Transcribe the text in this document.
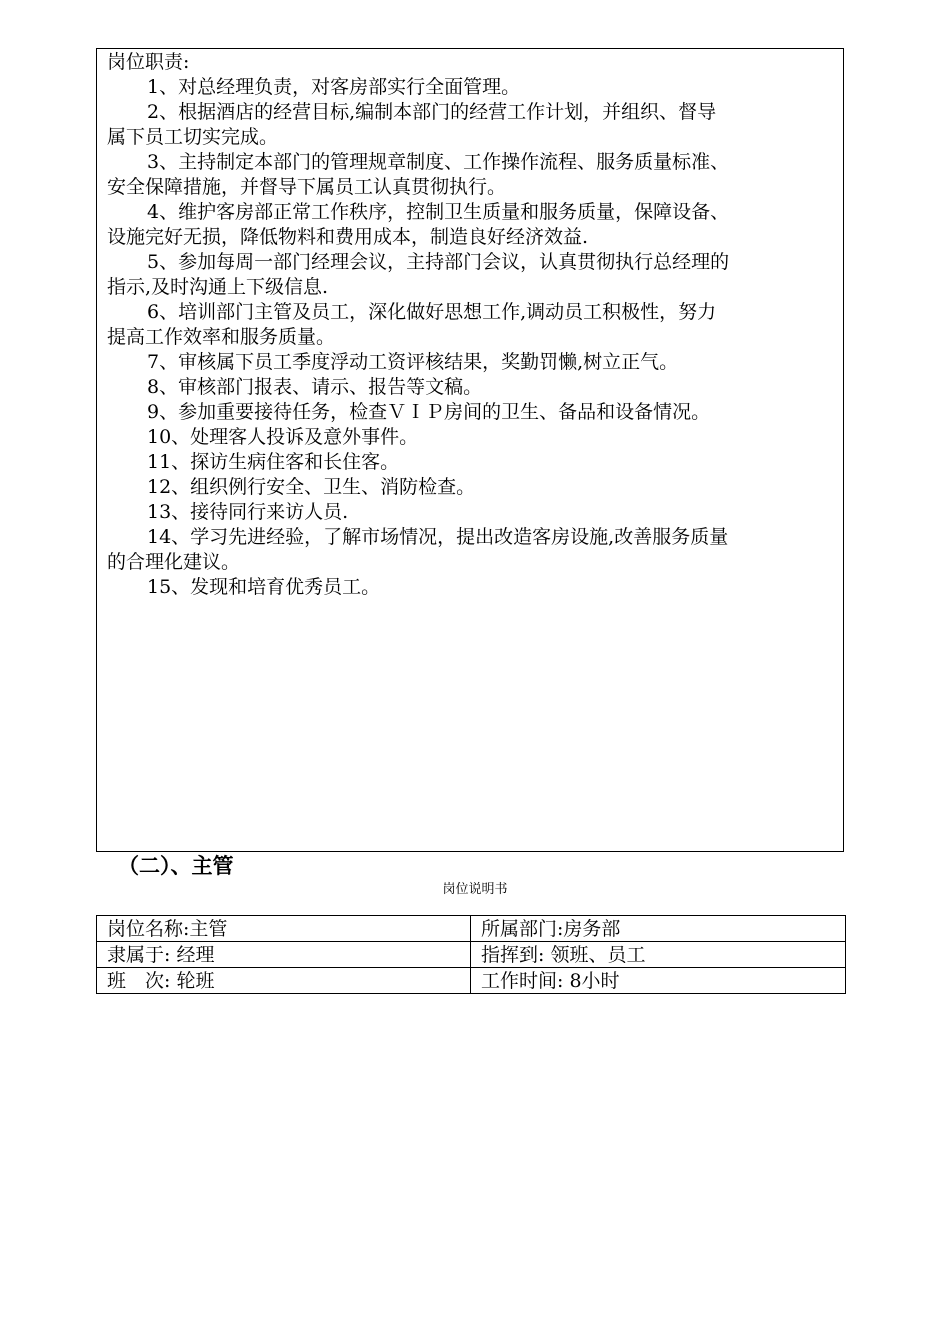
岗位职责:
1、对总经理负责，对客房部实行全面管理。
2、根据酒店的经营目标,编制本部门的经营工作计划，并组织、督导
属下员工切实完成。
3、主持制定本部门的管理规章制度、工作操作流程、服务质量标准、
安全保障措施，并督导下属员工认真贯彻执行。
4、维护客房部正常工作秩序，控制卫生质量和服务质量，保障设备、
设施完好无损，降低物料和费用成本，制造良好经济效益.
5、参加每周一部门经理会议，主持部门会议，认真贯彻执行总经理的
指示,及时沟通上下级信息.
6、培训部门主管及员工，深化做好思想工作,调动员工积极性，努力
提高工作效率和服务质量。
7、审核属下员工季度浮动工资评核结果，奖勤罚懒,树立正气。
8、审核部门报表、请示、报告等文稿。
9、参加重要接待任务，检查ＶＩＰ房间的卫生、备品和设备情况。
10、处理客人投诉及意外事件。
11、探访生病住客和长住客。
12、组织例行安全、卫生、消防检查。
13、接待同行来访人员.
14、学习先进经验，了解市场情况，提出改造客房设施,改善服务质量
的合理化建议。
15、发现和培育优秀员工。
（二）、主管
岗位说明书
岗位名称:主管	所属部门:房务部
隶属于: 经理	指挥到: 领班、员工
班　次: 轮班	工作时间: 8小时
